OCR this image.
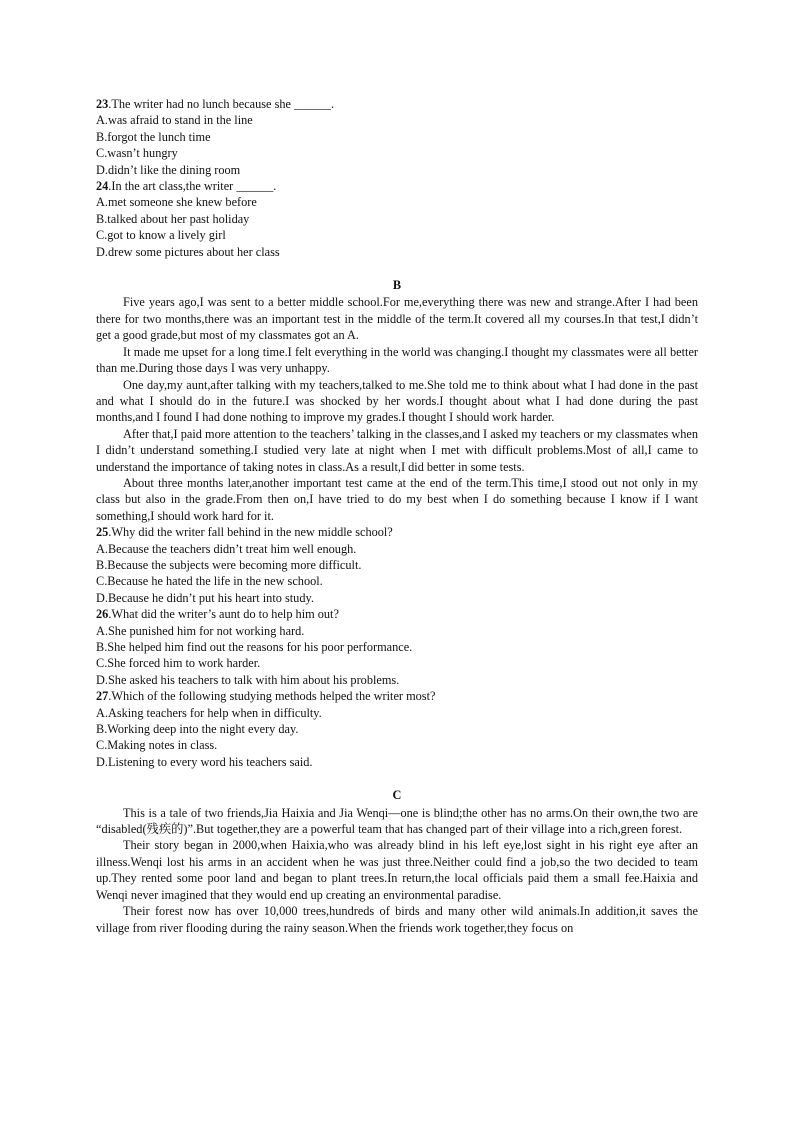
23.The writer had no lunch because she ______.

A.was afraid to stand in the line

B.forgot the lunch time

C.wasn’t hungry

D.didn’t like the dining room

24.In the art class,the writer ______.

A.met someone she knew before

B.talked about her past holiday

C.got to know a lively girl

D.drew some pictures about her class

B

Five years ago,I was sent to a better middle school.For me,everything there was new and strange.After I had been there for two months,there was an important test in the middle of the term.It covered all my courses.In that test,I didn’t get a good grade,but most of my classmates got an A.

It made me upset for a long time.I felt everything in the world was changing.I thought my classmates were all better than me.During those days I was very unhappy.

One day,my aunt,after talking with my teachers,talked to me.She told me to think about what I had done in the past and what I should do in the future.I was shocked by her words.I thought about what I had done during the past months,and I found I had done nothing to improve my grades.I thought I should work harder.

After that,I paid more attention to the teachers’ talking in the classes,and I asked my teachers or my classmates when I didn’t understand something.I studied very late at night when I met with difficult problems.Most of all,I came to understand the importance of taking notes in class.As a result,I did better in some tests.

About three months later,another important test came at the end of the term.This time,I stood out not only in my class but also in the grade.From then on,I have tried to do my best when I do something because I know if I want something,I should work hard for it.

25.Why did the writer fall behind in the new middle school?

A.Because the teachers didn’t treat him well enough.

B.Because the subjects were becoming more difficult.

C.Because he hated the life in the new school.

D.Because he didn’t put his heart into study.

26.What did the writer’s aunt do to help him out?

A.She punished him for not working hard.

B.She helped him find out the reasons for his poor performance.

C.She forced him to work harder.

D.She asked his teachers to talk with him about his problems.

27.Which of the following studying methods helped the writer most?

A.Asking teachers for help when in difficulty.

B.Working deep into the night every day.

C.Making notes in class.

D.Listening to every word his teachers said.

C

This is a tale of two friends,Jia Haixia and Jia Wenqi—one is blind;the other has no arms.On their own,the two are “disabled(残疾的)”.But together,they are a powerful team that has changed part of their village into a rich,green forest.

Their story began in 2000,when Haixia,who was already blind in his left eye,lost sight in his right eye after an illness.Wenqi lost his arms in an accident when he was just three.Neither could find a job,so the two decided to team up.They rented some poor land and began to plant trees.In return,the local officials paid them a small fee.Haixia and Wenqi never imagined that they would end up creating an environmental paradise.

Their forest now has over 10,000 trees,hundreds of birds and many other wild animals.In addition,it saves the village from river flooding during the rainy season.When the friends work together,they focus on
